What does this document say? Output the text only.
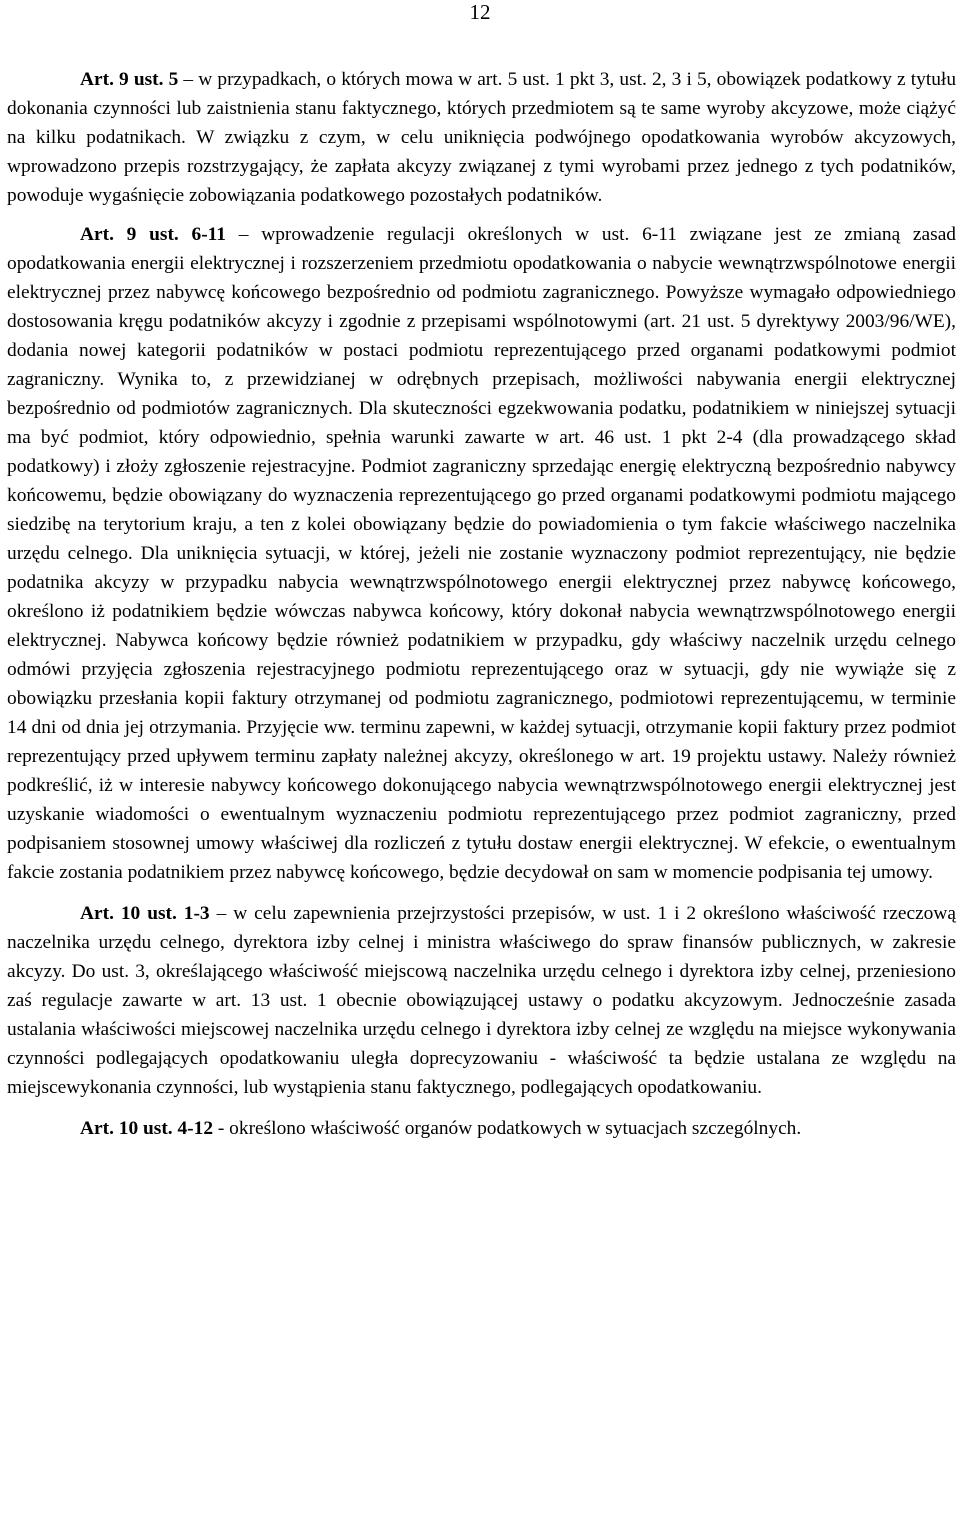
12

Art. 9 ust. 5 – w przypadkach, o których mowa w art. 5 ust. 1 pkt 3, ust. 2, 3 i 5, obowiązek podatkowy z tytułu dokonania czynności lub zaistnienia stanu faktycznego, których przedmiotem są te same wyroby akcyzowe, może ciążyć na kilku podatnikach. W związku z czym, w celu uniknięcia podwójnego opodatkowania wyrobów akcyzowych, wprowadzono przepis rozstrzygający, że zapłata akcyzy związanej z tymi wyrobami przez jednego z tych podatników, powoduje wygaśnięcie zobowiązania podatkowego pozostałych podatników.

Art. 9 ust. 6-11 – wprowadzenie regulacji określonych w ust. 6-11 związane jest ze zmianą zasad opodatkowania energii elektrycznej i rozszerzeniem przedmiotu opodatkowania o nabycie wewnątrzwspólnotowe energii elektrycznej przez nabywcę końcowego bezpośrednio od podmiotu zagranicznego. Powyższe wymagało odpowiedniego dostosowania kręgu podatników akcyzy i zgodnie z przepisami wspólnotowymi (art. 21 ust. 5 dyrektywy 2003/96/WE), dodania nowej kategorii podatników w postaci podmiotu reprezentującego przed organami podatkowymi podmiot zagraniczny. Wynika to, z przewidzianej w odrębnych przepisach, możliwości nabywania energii elektrycznej bezpośrednio od podmiotów zagranicznych. Dla skuteczności egzekwowania podatku, podatnikiem w niniejszej sytuacji ma być podmiot, który odpowiednio, spełnia warunki zawarte w art. 46 ust. 1 pkt 2-4 (dla prowadzącego skład podatkowy) i złoży zgłoszenie rejestracyjne. Podmiot zagraniczny sprzedając energię elektryczną bezpośrednio nabywcy końcowemu, będzie obowiązany do wyznaczenia reprezentującego go przed organami podatkowymi podmiotu mającego siedzibę na terytorium kraju, a ten z kolei obowiązany będzie do powiadomienia o tym fakcie właściwego naczelnika urzędu celnego. Dla uniknięcia sytuacji, w której, jeżeli nie zostanie wyznaczony podmiot reprezentujący, nie będzie podatnika akcyzy w przypadku nabycia wewnątrzwspólnotowego energii elektrycznej przez nabywcę końcowego, określono iż podatnikiem będzie wówczas nabywca końcowy, który dokonał nabycia wewnątrzwspólnotowego energii elektrycznej. Nabywca końcowy będzie również podatnikiem w przypadku, gdy właściwy naczelnik urzędu celnego odmówi przyjęcia zgłoszenia rejestracyjnego podmiotu reprezentującego oraz w sytuacji, gdy nie wywiąże się z obowiązku przesłania kopii faktury otrzymanej od podmiotu zagranicznego, podmiotowi reprezentującemu, w terminie 14 dni od dnia jej otrzymania. Przyjęcie ww. terminu zapewni, w każdej sytuacji, otrzymanie kopii faktury przez podmiot reprezentujący przed upływem terminu zapłaty należnej akcyzy, określonego w art. 19 projektu ustawy. Należy również podkreślić, iż w interesie nabywcy końcowego dokonującego nabycia wewnątrzwspólnotowego energii elektrycznej jest uzyskanie wiadomości o ewentualnym wyznaczeniu podmiotu reprezentującego przez podmiot zagraniczny, przed podpisaniem stosownej umowy właściwej dla rozliczeń z tytułu dostaw energii elektrycznej. W efekcie, o ewentualnym fakcie zostania podatnikiem przez nabywcę końcowego, będzie decydował on sam w momencie podpisania tej umowy.

Art. 10 ust. 1-3 – w celu zapewnienia przejrzystości przepisów, w ust. 1 i 2 określono właściwość rzeczową naczelnika urzędu celnego, dyrektora izby celnej i ministra właściwego do spraw finansów publicznych, w zakresie akcyzy. Do ust. 3, określającego właściwość miejscową naczelnika urzędu celnego i dyrektora izby celnej, przeniesiono zaś regulacje zawarte w art. 13 ust. 1 obecnie obowiązującej ustawy o podatku akcyzowym. Jednocześnie zasada ustalania właściwości miejscowej naczelnika urzędu celnego i dyrektora izby celnej ze względu na miejsce wykonywania czynności podlegających opodatkowaniu uległa doprecyzowaniu - właściwość ta będzie ustalana ze względu na miejscewykonania czynności, lub wystąpienia stanu faktycznego, podlegających opodatkowaniu.

Art. 10 ust. 4-12 - określono właściwość organów podatkowych w sytuacjach szczególnych.
